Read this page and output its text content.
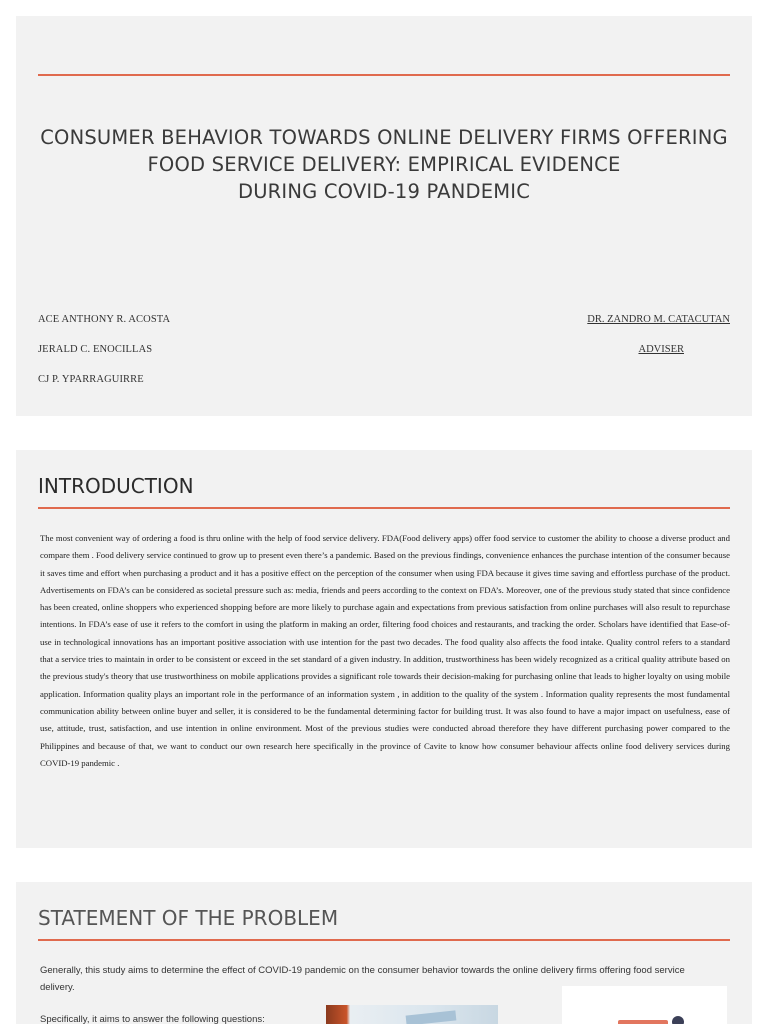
CONSUMER BEHAVIOR TOWARDS ONLINE DELIVERY FIRMS OFFERING
FOOD SERVICE DELIVERY: EMPIRICAL EVIDENCE
DURING COVID-19 PANDEMIC
ACE ANTHONY R. ACOSTA
JERALD C. ENOCILLAS
CJ P. YPARRAGUIRRE
DR. ZANDRO M. CATACUTAN
ADVISER
INTRODUCTION
The most convenient way of ordering a food is thru online with the help of food service delivery. FDA(Food delivery apps) offer food service to customer the ability to choose a diverse product and compare them . Food delivery service continued to grow up to present even there’s a pandemic. Based on the previous findings, convenience enhances the purchase intention of the consumer because it saves time and effort when purchasing a product and it has a positive effect on the perception of the consumer when using FDA because it gives time saving and effortless purchase of the product. Advertisements on FDA’s can be considered as societal pressure such as: media, friends and peers according to the context on FDA’s. Moreover, one of the previous study stated that since confidence has been created, online shoppers who experienced shopping before are more likely to purchase again and expectations from previous satisfaction from online purchases will also result to repurchase intentions. In FDA’s ease of use it refers to the comfort in using the platform in making an order, filtering food choices and restaurants, and tracking the order. Scholars have identified that Ease-of-use in technological innovations has an important positive association with use intention for the past two decades. The food quality also affects the food intake. Quality control refers to a standard that a service tries to maintain in order to be consistent or exceed in the set standard of a given industry. In addition, trustworthiness has been widely recognized as a critical quality attribute based on the previous study's theory that use trustworthiness on mobile applications provides a significant role towards their decision-making for purchasing online that leads to higher loyalty on using mobile application. Information quality plays an important role in the performance of an information system , in addition to the quality of the system . Information quality represents the most fundamental communication ability between online buyer and seller, it is considered to be the fundamental determining factor for building trust. It was also found to have a major impact on usefulness, ease of use, attitude, trust, satisfaction, and use intention in online environment. Most of the previous studies were conducted abroad therefore they have different purchasing power compared to the Philippines and because of that, we want to conduct our own research here specifically in the province of Cavite to know how consumer behaviour affects online food delivery services during COVID-19 pandemic .
STATEMENT OF THE PROBLEM
Generally, this study aims to determine the effect of COVID-19 pandemic on the consumer behavior towards the online delivery firms offering food service delivery.
Specifically, it aims to answer the following questions:
